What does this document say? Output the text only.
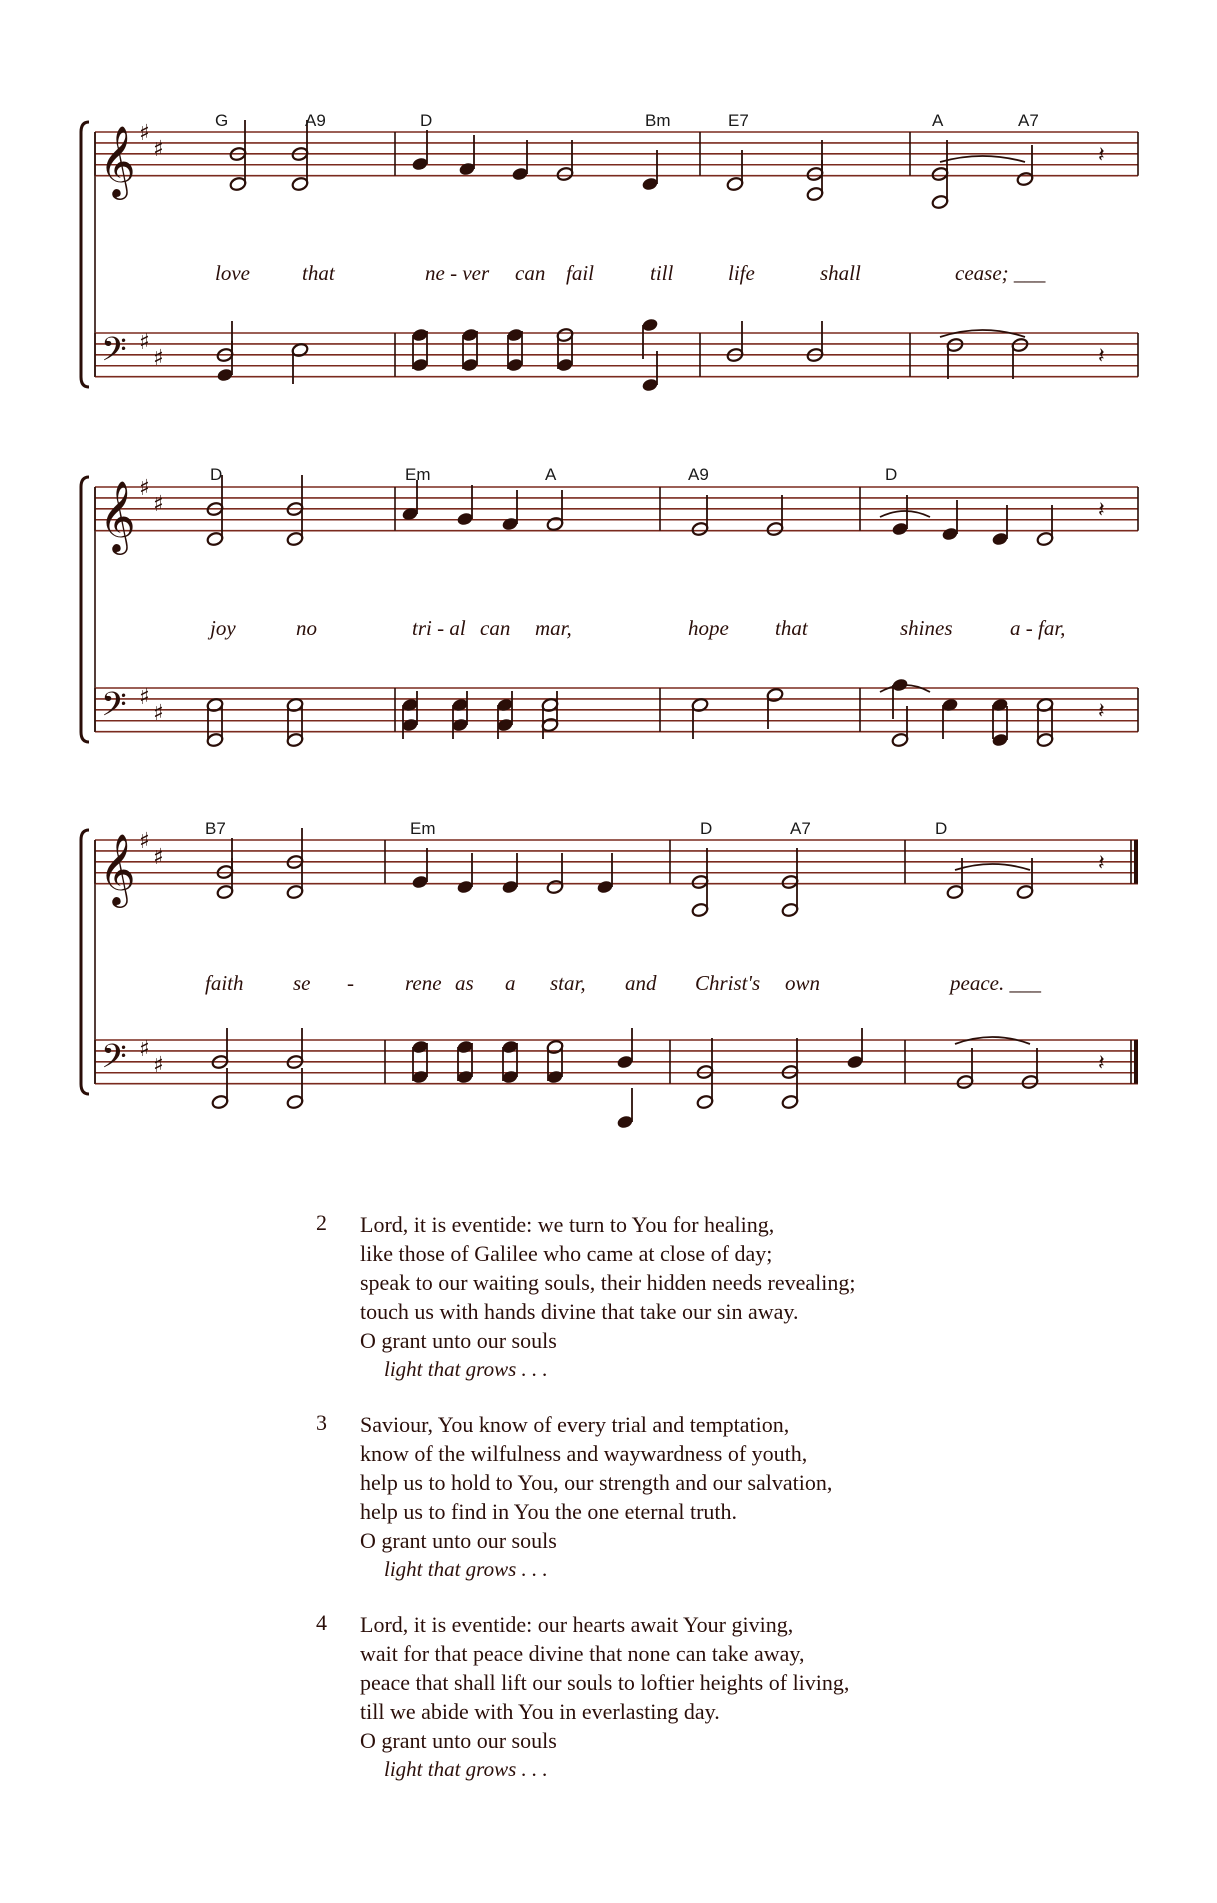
𝄞 ♯
♯	𝄽
𝄢 ♯
♯	𝄽
G	A9	D	Bm	E7	A	A7
love that	ne - ver can fail	till	life	shall	cease; ___
𝄞 ♯
♯	𝄽
𝄢 ♯
♯	𝄽
D	Em	A	A9	D
joy	no	tri - al can mar,	hope that	shines	a - far,
𝄞 ♯
♯	𝄽
𝄢 ♯
♯	𝄽
B7	Em	D	A7	D
faith se - rene as a star, and Christ's own	peace. ___
2	Lord, it is eventide: we turn to You for healing,
like those of Galilee who came at close of day;
speak to our waiting souls, their hidden needs revealing;
touch us with hands divine that take our sin away.
O grant unto our souls
light that grows . . .
3	Saviour, You know of every trial and temptation,
know of the wilfulness and waywardness of youth,
help us to hold to You, our strength and our salvation,
help us to find in You the one eternal truth.
O grant unto our souls
light that grows . . .
4	Lord, it is eventide: our hearts await Your giving,
wait for that peace divine that none can take away,
peace that shall lift our souls to loftier heights of living,
till we abide with You in everlasting day.
O grant unto our souls
light that grows . . .
